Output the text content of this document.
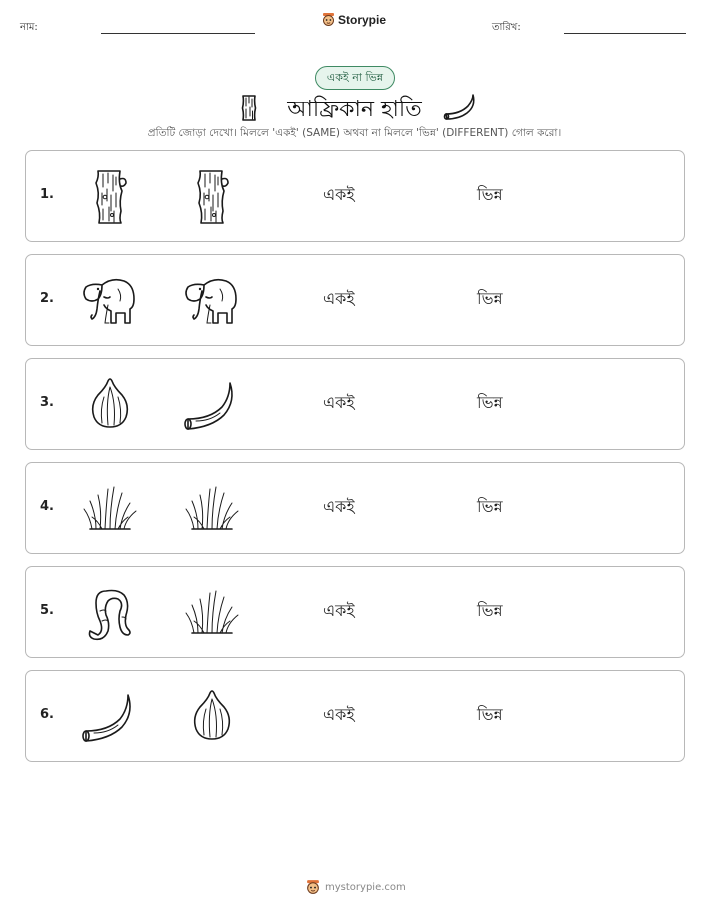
নাম:
Storypie
তারিখ:
একই না ভিন্ন
আফ্রিকান হাতি
প্রতিটি জোড়া দেখো। মিললে 'একই' (SAME) অথবা না মিললে 'ভিন্ন' (DIFFERENT) গোল করো।
1.	একই	ভিন্ন
2.	একই	ভিন্ন
3.	একই	ভিন্ন
4.	একই	ভিন্ন
5.	একই	ভিন্ন
6.	একই	ভিন্ন
mystorypie.com
